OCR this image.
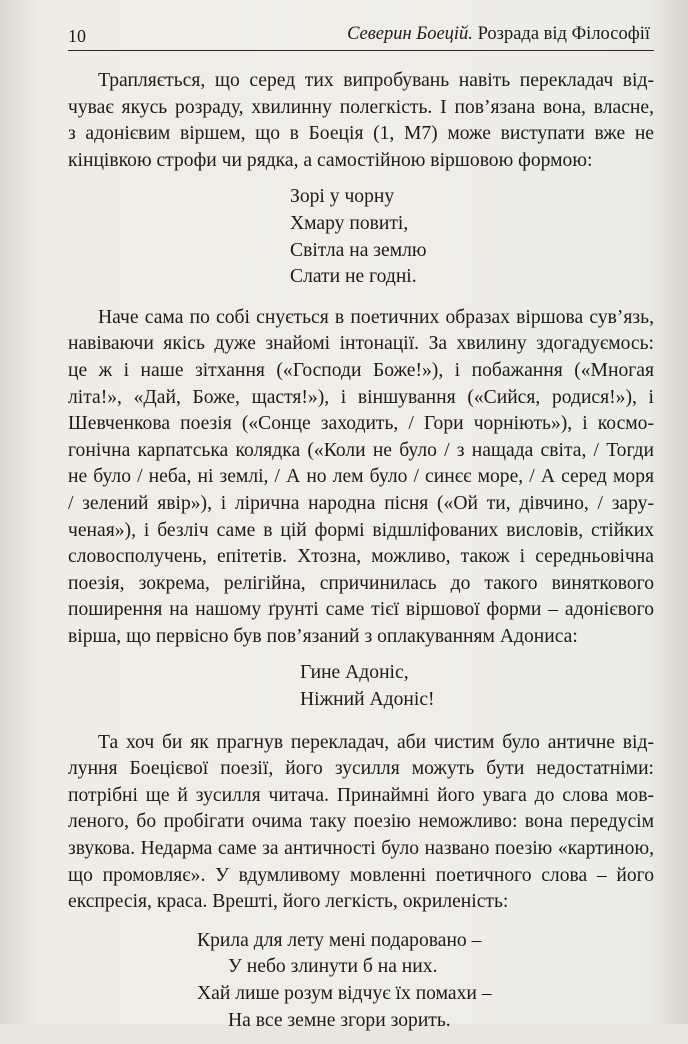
10	Северин Боецій. Розрада від Філософії
Трапляється, що серед тих випробувань навіть перекладач від-
чуває якусь розраду, хвилинну полегкість. І пов’язана вона, власне,
з адонієвим віршем, що в Боеція (1, М7) може виступати вже не
кінцівкою строфи чи рядка, а самостійною віршовою формою:
Зорі у чорну
Хмару повиті,
Світла на землю
Слати не годні.
Наче сама по собі снується в поетичних образах віршова сув’язь,
навіваючи якісь дуже знайомі інтонації. За хвилину здогадуємось:
це ж і наше зітхання («Господи Боже!»), і побажання («Многая
літа!», «Дай, Боже, щастя!»), і віншування («Сийся, родися!»), і
Шевченкова поезія («Сонце заходить, / Гори чорніють»), і космо-
гонічна карпатська колядка («Коли не було / з нащада світа, / Тогди
не було / неба, ні землі, / А но лем було / синєє море, / А серед моря
/ зелений явір»), і лірична народна пісня («Ой ти, дівчино, / зару-
ченая»), і безліч саме в цій формі відшліфованих висловів, стійких
словосполучень, епітетів. Хтозна, можливо, також і середньовічна
поезія, зокрема, релігійна, спричинилась до такого виняткового
поширення на нашому ґрунті саме тієї віршової форми – адонієвого
вірша, що первісно був пов’язаний з оплакуванням Адониса:
Гине Адоніс,
Ніжний Адоніс!
Та хоч би як прагнув перекладач, аби чистим було античне від-
луння Боецієвої поезії, його зусилля можуть бути недостатніми:
потрібні ще й зусилля читача. Принаймні його увага до слова мов-
леного, бо пробігати очима таку поезію неможливо: вона передусім
звукова. Недарма саме за античності було названо поезію «картиною,
що промовляє». У вдумливому мовленні поетичного слова – його
експресія, краса. Врешті, його легкість, окриленість:
Крила для лету мені подаровано –
У небо злинути б на них.
Хай лише розум відчує їх помахи –
На все земне згори зорить.
